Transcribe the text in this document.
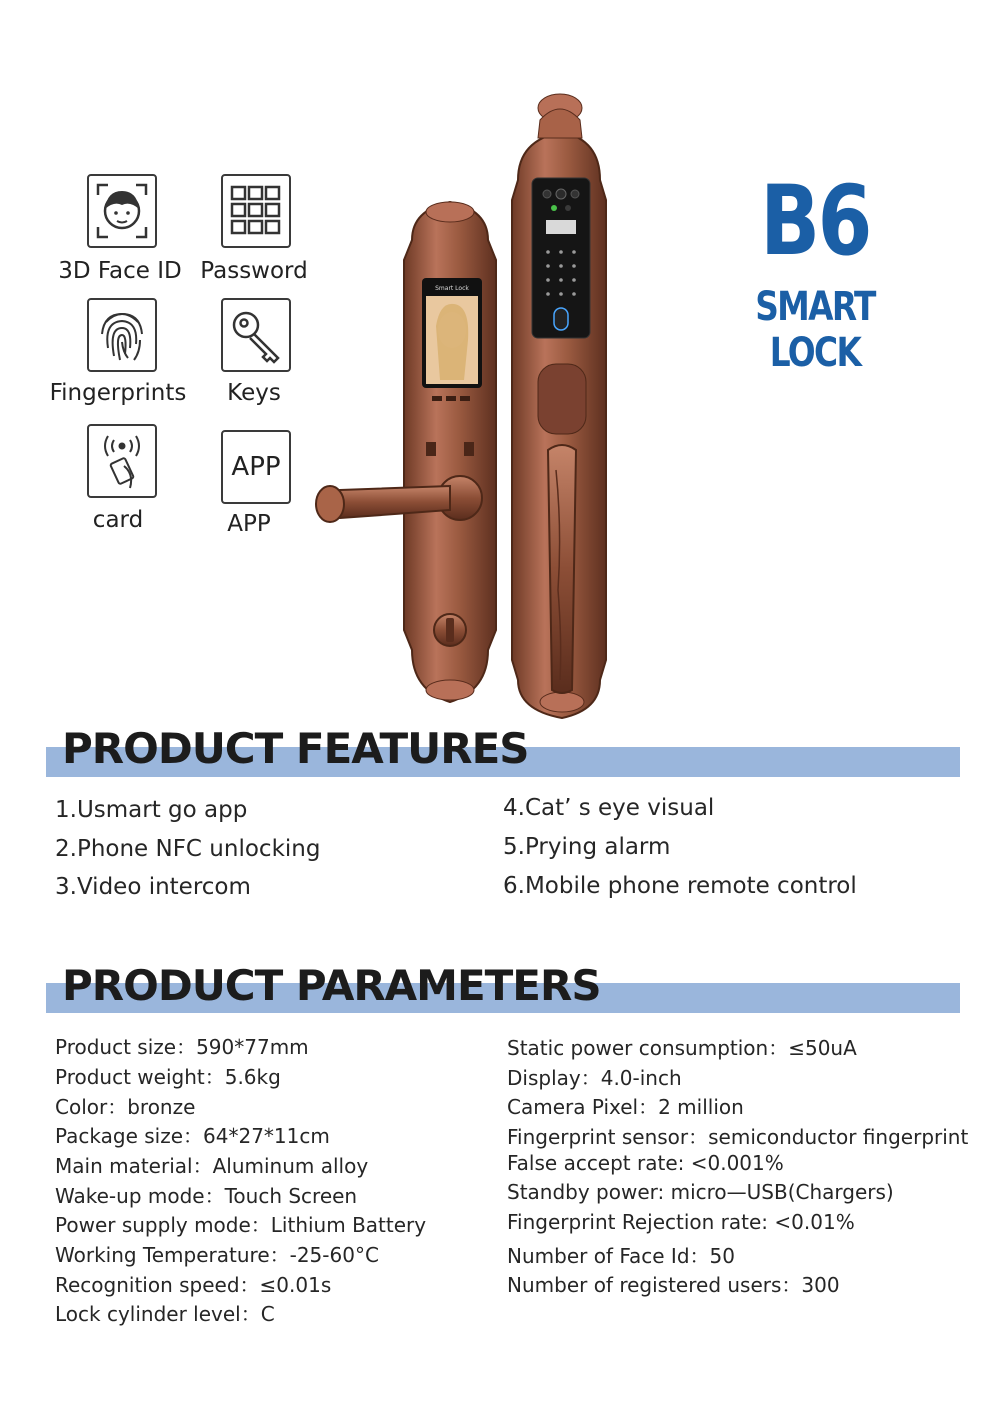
3D Face ID Password
Fingerprints	Keys
card
APP
APP
Smart Lock
B6
SMART LOCK
PRODUCT FEATURES
1.Usmart go app
2.Phone NFC unlocking
3.Video intercom
4.Cat’ s eye visual
5.Prying alarm
6.Mobile phone remote control
PRODUCT PARAMETERS
Product size：590*77mm
Product weight：5.6kg
Color：bronze
Package size：64*27*11cm
Main material：Aluminum alloy
Wake-up mode：Touch Screen
Power supply mode：Lithium Battery
Working Temperature：-25-60°C
Recognition speed：≤0.01s
Lock cylinder level：C
Static power consumption：≤50uA
Display：4.0-inch
Camera Pixel：2 million
Fingerprint sensor：semiconductor fingerprint
False accept rate: <0.001%
Standby power: micro—USB(Chargers)
Fingerprint Rejection rate: <0.01%
Number of Face Id：50
Number of registered users：300
